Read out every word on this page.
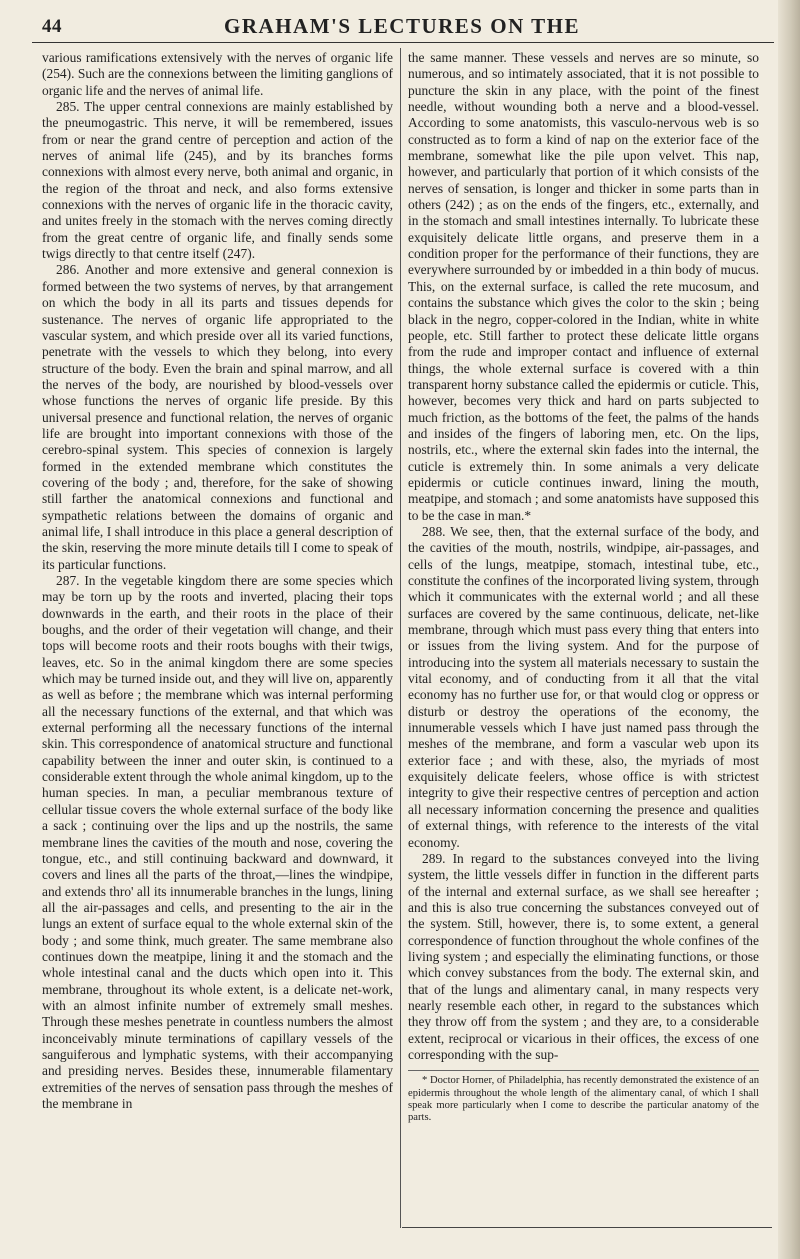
44	GRAHAM'S LECTURES ON THE

various ramifications extensively with the nerves of organic life (254). Such are the connexions between the limiting ganglions of organic life and the nerves of animal life.

285. The upper central connexions are mainly established by the pneumogastric. This nerve, it will be remembered, issues from or near the grand centre of perception and action of the nerves of animal life (245), and by its branches forms connexions with almost every nerve, both animal and organic, in the region of the throat and neck, and also forms extensive connexions with the nerves of organic life in the thoracic cavity, and unites freely in the stomach with the nerves coming directly from the great centre of organic life, and finally sends some twigs directly to that centre itself (247).

286. Another and more extensive and general connexion is formed between the two systems of nerves, by that arrangement on which the body in all its parts and tissues depends for sustenance. The nerves of organic life appropriated to the vascular system, and which preside over all its varied functions, penetrate with the vessels to which they belong, into every structure of the body. Even the brain and spinal marrow, and all the nerves of the body, are nourished by blood-vessels over whose functions the nerves of organic life preside. By this universal presence and functional relation, the nerves of organic life are brought into important connexions with those of the cerebro-spinal system. This species of connexion is largely formed in the extended membrane which constitutes the covering of the body ; and, therefore, for the sake of showing still farther the anatomical connexions and functional and sympathetic relations between the domains of organic and animal life, I shall introduce in this place a general description of the skin, reserving the more minute details till I come to speak of its particular functions.

287. In the vegetable kingdom there are some species which may be torn up by the roots and inverted, placing their tops downwards in the earth, and their roots in the place of their boughs, and the order of their vegetation will change, and their tops will become roots and their roots boughs with their twigs, leaves, etc. So in the animal kingdom there are some species which may be turned inside out, and they will live on, apparently as well as before ; the membrane which was internal performing all the necessary functions of the external, and that which was external performing all the necessary functions of the internal skin. This correspondence of anatomical structure and functional capability between the inner and outer skin, is continued to a considerable extent through the whole animal kingdom, up to the human species. In man, a peculiar membranous texture of cellular tissue covers the whole external surface of the body like a sack ; continuing over the lips and up the nostrils, the same membrane lines the cavities of the mouth and nose, covering the tongue, etc., and still continuing backward and downward, it covers and lines all the parts of the throat,—lines the windpipe, and extends thro' all its innumerable branches in the lungs, lining all the air-passages and cells, and presenting to the air in the lungs an extent of surface equal to the whole external skin of the body ; and some think, much greater. The same membrane also continues down the meatpipe, lining it and the stomach and the whole intestinal canal and the ducts which open into it. This membrane, throughout its whole extent, is a delicate net-work, with an almost infinite number of extremely small meshes. Through these meshes penetrate in countless numbers the almost inconceivably minute terminations of capillary vessels of the sanguiferous and lymphatic systems, with their accompanying and presiding nerves. Besides these, innumerable filamentary extremities of the nerves of sensation pass through the meshes of the membrane in

the same manner. These vessels and nerves are so minute, so numerous, and so intimately associated, that it is not possible to puncture the skin in any place, with the point of the finest needle, without wounding both a nerve and a blood-vessel. According to some anatomists, this vasculo-nervous web is so constructed as to form a kind of nap on the exterior face of the membrane, somewhat like the pile upon velvet. This nap, however, and particularly that portion of it which consists of the nerves of sensation, is longer and thicker in some parts than in others (242) ; as on the ends of the fingers, etc., externally, and in the stomach and small intestines internally. To lubricate these exquisitely delicate little organs, and preserve them in a condition proper for the performance of their functions, they are everywhere surrounded by or imbedded in a thin body of mucus. This, on the external surface, is called the rete mucosum, and contains the substance which gives the color to the skin ; being black in the negro, copper-colored in the Indian, white in white people, etc. Still farther to protect these delicate little organs from the rude and improper contact and influence of external things, the whole external surface is covered with a thin transparent horny substance called the epidermis or cuticle. This, however, becomes very thick and hard on parts subjected to much friction, as the bottoms of the feet, the palms of the hands and insides of the fingers of laboring men, etc. On the lips, nostrils, etc., where the external skin fades into the internal, the cuticle is extremely thin. In some animals a very delicate epidermis or cuticle continues inward, lining the mouth, meatpipe, and stomach ; and some anatomists have supposed this to be the case in man.*

288. We see, then, that the external surface of the body, and the cavities of the mouth, nostrils, windpipe, air-passages, and cells of the lungs, meatpipe, stomach, intestinal tube, etc., constitute the confines of the incorporated living system, through which it communicates with the external world ; and all these surfaces are covered by the same continuous, delicate, net-like membrane, through which must pass every thing that enters into or issues from the living system. And for the purpose of introducing into the system all materials necessary to sustain the vital economy, and of conducting from it all that the vital economy has no further use for, or that would clog or oppress or disturb or destroy the operations of the economy, the innumerable vessels which I have just named pass through the meshes of the membrane, and form a vascular web upon its exterior face ; and with these, also, the myriads of most exquisitely delicate feelers, whose office is with strictest integrity to give their respective centres of perception and action all necessary information concerning the presence and qualities of external things, with reference to the interests of the vital economy.

289. In regard to the substances conveyed into the living system, the little vessels differ in function in the different parts of the internal and external surface, as we shall see hereafter ; and this is also true concerning the substances conveyed out of the system. Still, however, there is, to some extent, a general correspondence of function throughout the whole confines of the living system ; and especially the eliminating functions, or those which convey substances from the body. The external skin, and that of the lungs and alimentary canal, in many respects very nearly resemble each other, in regard to the substances which they throw off from the system ; and they are, to a considerable extent, reciprocal or vicarious in their offices, the excess of one corresponding with the sup-

* Doctor Horner, of Philadelphia, has recently demonstrated the existence of an epidermis throughout the whole length of the alimentary canal, of which I shall speak more particularly when I come to describe the particular anatomy of the parts.
